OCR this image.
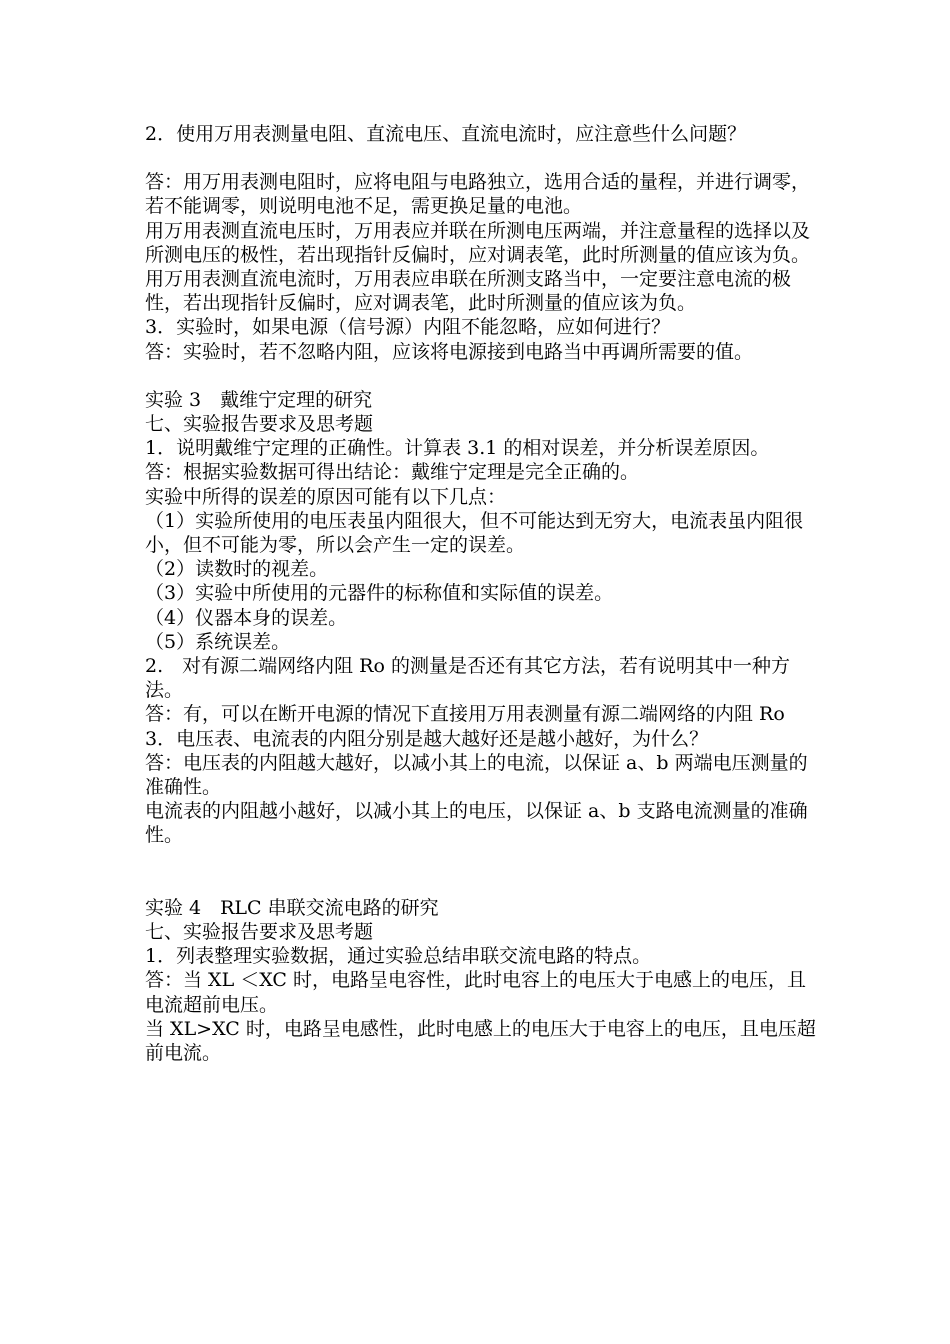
2．使用万用表测量电阻、直流电压、直流电流时，应注意些什么问题？

答：用万用表测电阻时，应将电阻与电路独立，选用合适的量程，并进行调零，若不能调零，则说明电池不足，需更换足量的电池。

用万用表测直流电压时，万用表应并联在所测电压两端，并注意量程的选择以及所测电压的极性，若出现指针反偏时，应对调表笔，此时所测量的值应该为负。

用万用表测直流电流时，万用表应串联在所测支路当中，一定要注意电流的极性，若出现指针反偏时，应对调表笔，此时所测量的值应该为负。

3．实验时，如果电源（信号源）内阻不能忽略，应如何进行？

答：实验时，若不忽略内阻，应该将电源接到电路当中再调所需要的值。

实验 3　戴维宁定理的研究

七、实验报告要求及思考题

1．说明戴维宁定理的正确性。计算表 3.1 的相对误差，并分析误差原因。

答：根据实验数据可得出结论：戴维宁定理是完全正确的。

实验中所得的误差的原因可能有以下几点：

（1）实验所使用的电压表虽内阻很大，但不可能达到无穷大，电流表虽内阻很小，但不可能为零，所以会产生一定的误差。

（2）读数时的视差。

（3）实验中所使用的元器件的标称值和实际值的误差。

（4）仪器本身的误差。

（5）系统误差。

2.　对有源二端网络内阻 Ro 的测量是否还有其它方法，若有说明其中一种方法。

答：有，可以在断开电源的情况下直接用万用表测量有源二端网络的内阻 Ro

3．电压表、电流表的内阻分别是越大越好还是越小越好，为什么？

答：电压表的内阻越大越好，以减小其上的电流，以保证 a、b 两端电压测量的准确性。

电流表的内阻越小越好，以减小其上的电压，以保证 a、b 支路电流测量的准确性。

实验 4　RLC 串联交流电路的研究

七、实验报告要求及思考题

1．列表整理实验数据，通过实验总结串联交流电路的特点。

答：当 XL ＜XC 时，电路呈电容性，此时电容上的电压大于电感上的电压，且电流超前电压。

当 XL>XC 时，电路呈电感性，此时电感上的电压大于电容上的电压，且电压超前电流。
